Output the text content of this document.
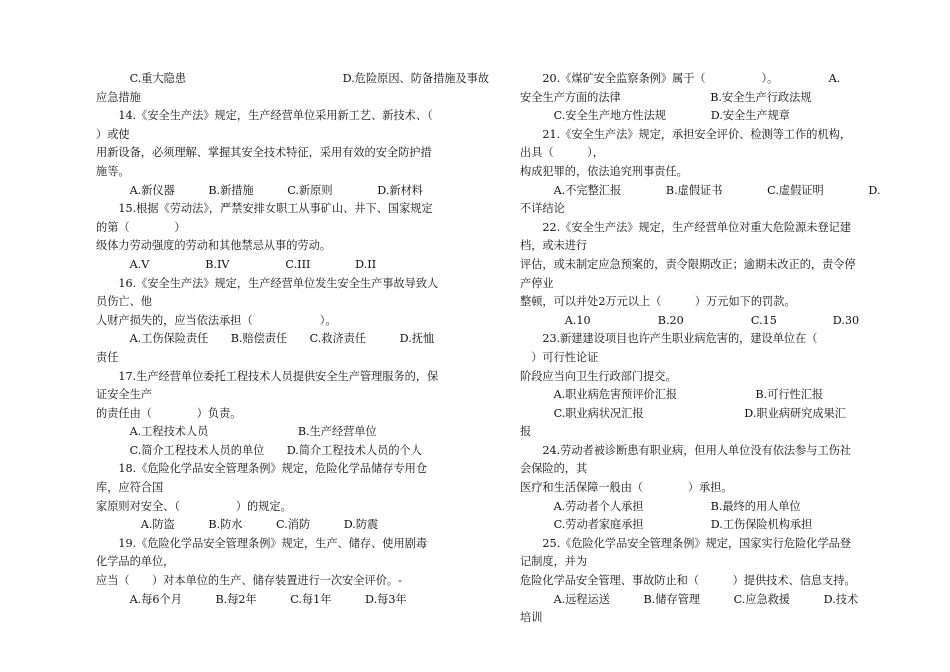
　　　C.重大隐患　　　　　　　　　　　　　　D.危险原因、防备措施及事故
应急措施
　　14.《安全生产法》规定，生产经营单位采用新工艺、新技术、（
）或使
用新设备，必须理解、掌握其安全技术特征，采用有效的安全防护措
施等。
　　　A.新仪器　　　B.新措施　　　C.新原则　　　　D.新材料
　　15.根据《劳动法》，严禁安排女职工从事矿山、井下、国家规定
的第（　　　　）
级体力劳动强度的劳动和其他禁忌从事的劳动。
　　　A.V　　　　　B.IV　　　　　C.III　　　　D.II
　　16.《安全生产法》规定，生产经营单位发生安全生产事故导致人
员伤亡、他
人财产损失的，应当依法承担（　　　　　　）。
　　　A.工伤保险责任　　B.赔偿责任　　C.救济责任　　　D.抚恤
责任
　　17.生产经营单位委托工程技术人员提供安全生产管理服务的，保
证安全生产
的责任由（　　　　）负责。
　　　A.工程技术人员　　　　　　　　B.生产经营单位
　　　C.简介工程技术人员的单位　　D.简介工程技术人员的个人
　　18.《危险化学品安全管理条例》规定，危险化学品储存专用仓
库，应符合国
家原则对安全、（　　　　　）的规定。
　　　　A.防盗　　　B.防水　　　C.消防　　　D.防震
　　19.《危险化学品安全管理条例》规定，生产、储存、使用剧毒
化学品的单位，
应当（　　）对本单位的生产、储存装置进行一次安全评价。-
　　　A.每6个月　　　B.每2年　　　C.每1年　　　D.每3年
　　20.《煤矿安全监察条例》属于（　　　　　）。　　　　　A.
安全生产方面的法律　　　　　　　　B.安全生产行政法规
　　　C.安全生产地方性法规　　　　D.安全生产规章
　　21.《安全生产法》规定，承担安全评价、检测等工作的机构，
出具（　　　），
构成犯罪的，依法追究刑事责任。
　　　A.不完整汇报　　　　B.虚假证书　　　　C.虚假证明　　　　D.
不详结论
　　22.《安全生产法》规定，生产经营单位对重大危险源未登记建
档，或未进行
评估，或未制定应急预案的，责令限期改正；逾期未改正的，责令停
产停业
整顿，可以并处2万元以上（　　　）万元如下的罚款。
　　　　A.10　　　　　　B.20　　　　　　C.15　　　　　D.30
　　23.新建建设项目也许产生职业病危害的，建设单位在（
　）可行性论证
阶段应当向卫生行政部门提交。
　　　A.职业病危害预评价汇报　　　　　　　B.可行性汇报
　　　C.职业病状况汇报　　　　　　　　　D.职业病研究成果汇
报
　　24.劳动者被诊断患有职业病，但用人单位没有依法参与工伤社
会保险的，其
医疗和生活保障一般由（　　　　）承担。
　　　A.劳动者个人承担　　　　　　B.最终的用人单位
　　　C.劳动者家庭承担　　　　　　D.工伤保险机构承担
　　25.《危险化学品安全管理条例》规定，国家实行危险化学品登
记制度，并为
危险化学品安全管理、事故防止和（　　　）提供技术、信息支持。
　　　A.远程运送　　　B.储存管理　　　C.应急救援　　　D.技术
培训
